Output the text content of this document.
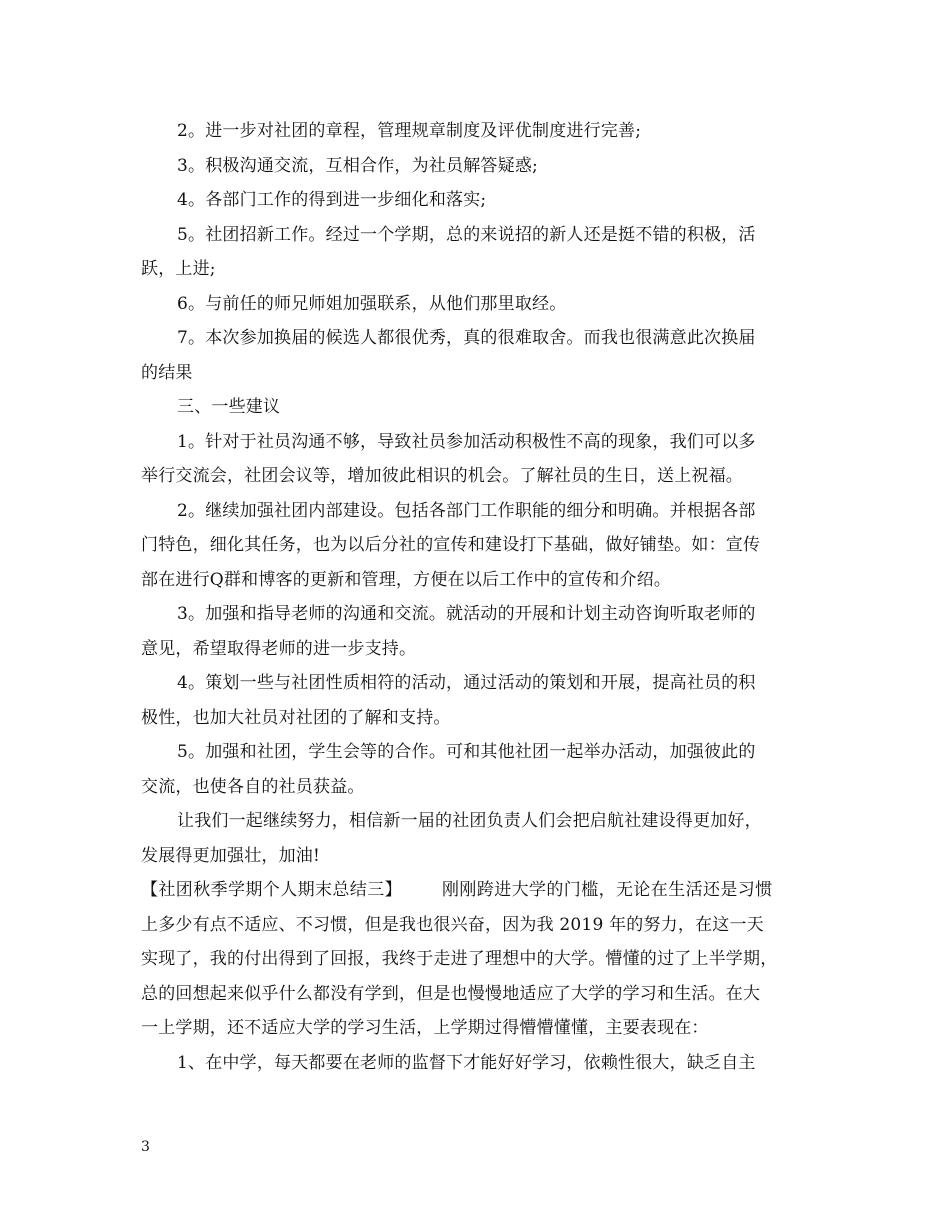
2。进一步对社团的章程，管理规章制度及评优制度进行完善;
3。积极沟通交流，互相合作，为社员解答疑惑;
4。各部门工作的得到进一步细化和落实;
5。社团招新工作。经过一个学期，总的来说招的新人还是挺不错的积极，活
跃，上进;
6。与前任的师兄师姐加强联系，从他们那里取经。
7。本次参加换届的候选人都很优秀，真的很难取舍。而我也很满意此次换届
的结果
三、一些建议
1。针对于社员沟通不够，导致社员参加活动积极性不高的现象，我们可以多
举行交流会，社团会议等，增加彼此相识的机会。了解社员的生日，送上祝福。
2。继续加强社团内部建设。包括各部门工作职能的细分和明确。并根据各部
门特色，细化其任务，也为以后分社的宣传和建设打下基础，做好铺垫。如：宣传
部在进行Q群和博客的更新和管理，方便在以后工作中的宣传和介绍。
3。加强和指导老师的沟通和交流。就活动的开展和计划主动咨询听取老师的
意见，希望取得老师的进一步支持。
4。策划一些与社团性质相符的活动，通过活动的策划和开展，提高社员的积
极性，也加大社员对社团的了解和支持。
5。加强和社团，学生会等的合作。可和其他社团一起举办活动，加强彼此的
交流，也使各自的社员获益。
让我们一起继续努力，相信新一届的社团负责人们会把启航社建设得更加好，
发展得更加强壮，加油!
【社团秋季学期个人期末总结三】 刚刚跨进大学的门槛，无论在生活还是习惯
上多少有点不适应、不习惯，但是我也很兴奋，因为我 2019 年的努力，在这一天
实现了，我的付出得到了回报，我终于走进了理想中的大学。懵懂的过了上半学期，
总的回想起来似乎什么都没有学到，但是也慢慢地适应了大学的学习和生活。在大
一上学期，还不适应大学的学习生活，上学期过得懵懵懂懂，主要表现在：
1、在中学，每天都要在老师的监督下才能好好学习，依赖性很大，缺乏自主
3
